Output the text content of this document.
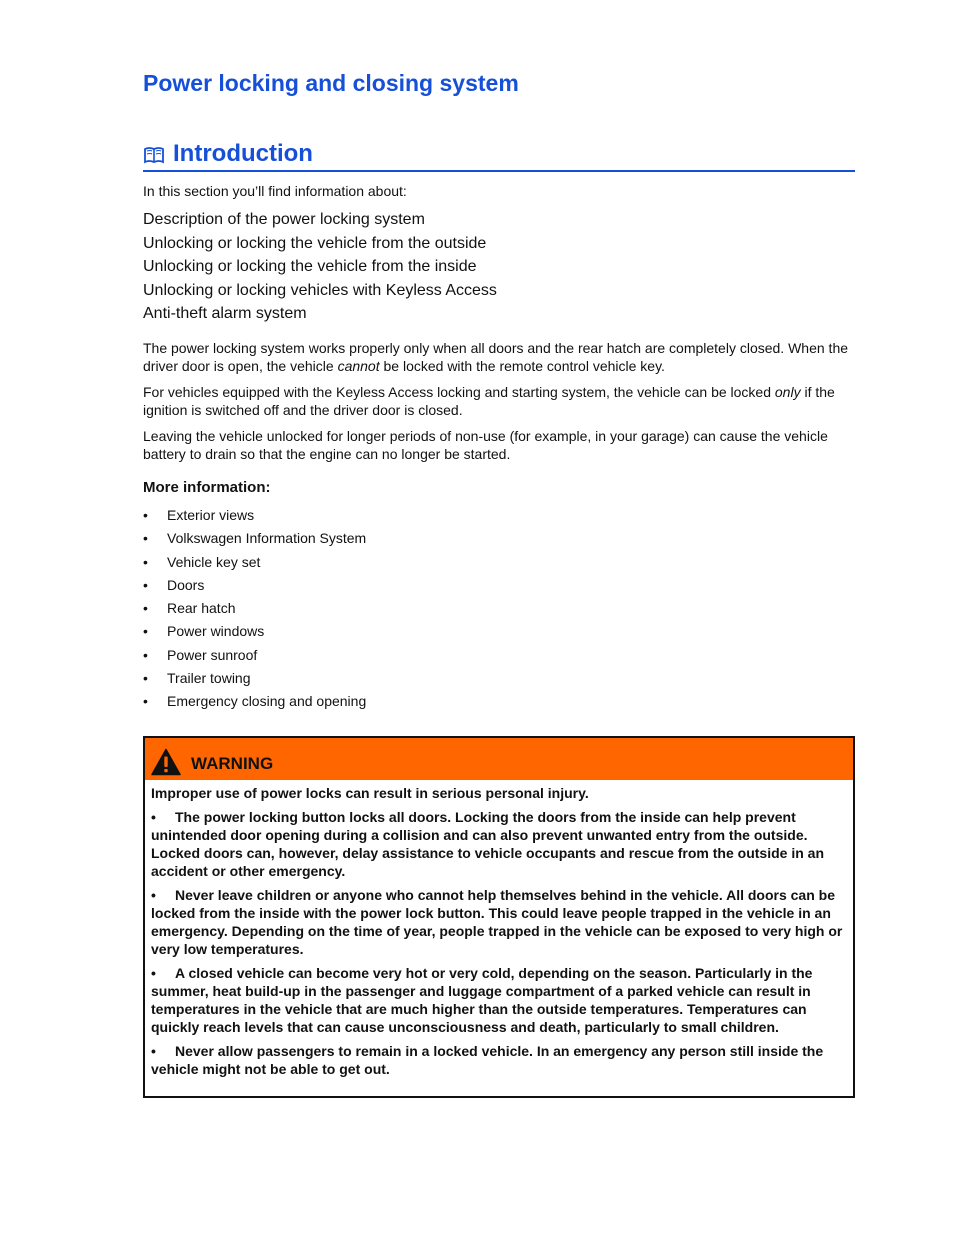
Power locking and closing system
Introduction
In this section you’ll find information about:
Description of the power locking system
Unlocking or locking the vehicle from the outside
Unlocking or locking the vehicle from the inside
Unlocking or locking vehicles with Keyless Access
Anti-theft alarm system

The power locking system works properly only when all doors and the rear hatch are completely closed. When the driver door is open, the vehicle cannot be locked with the remote control vehicle key.

For vehicles equipped with the Keyless Access locking and starting system, the vehicle can be locked only if the ignition is switched off and the driver door is closed.

Leaving the vehicle unlocked for longer periods of non-use (for example, in your garage) can cause the vehicle battery to drain so that the engine can no longer be started.

More information:
•	Exterior views
•	Volkswagen Information System
•	Vehicle key set
•	Doors
•	Rear hatch
•	Power windows
•	Power sunroof
•	Trailer towing
•	Emergency closing and opening
WARNING

Improper use of power locks can result in serious personal injury.

• The power locking button locks all doors. Locking the doors from the inside can help prevent unintended door opening during a collision and can also prevent unwanted entry from the outside. Locked doors can, however, delay assistance to vehicle occupants and rescue from the outside in an accident or other emergency.

• Never leave children or anyone who cannot help themselves behind in the vehicle. All doors can be locked from the inside with the power lock button. This could leave people trapped in the vehicle in an emergency. Depending on the time of year, people trapped in the vehicle can be exposed to very high or very low temperatures.

• A closed vehicle can become very hot or very cold, depending on the season. Particularly in the summer, heat build-up in the passenger and luggage compartment of a parked vehicle can result in temperatures in the vehicle that are much higher than the outside temperatures. Temperatures can quickly reach levels that can cause unconsciousness and death, particularly to small children.

• Never allow passengers to remain in a locked vehicle. In an emergency any person still inside the vehicle might not be able to get out.
